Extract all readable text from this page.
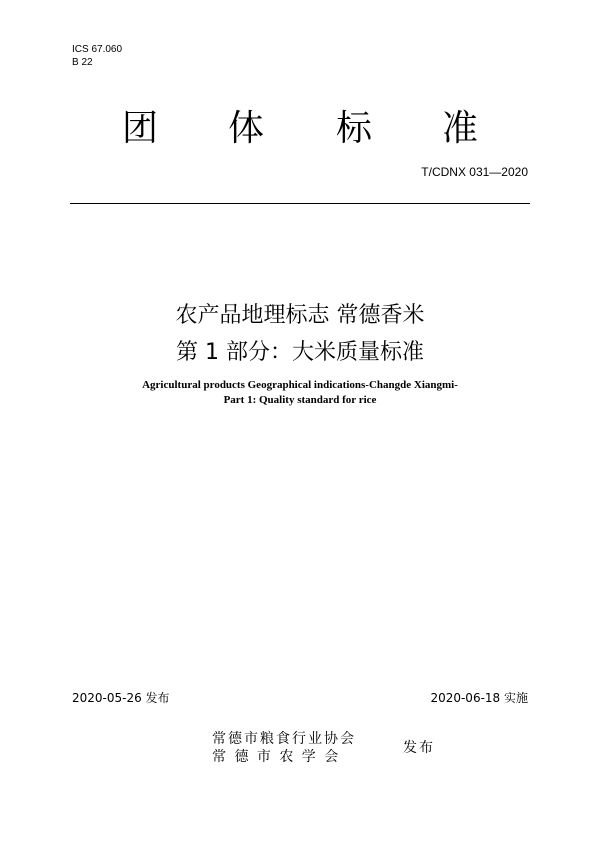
ICS 67.060
B 22
团 体 标 准
T/CDNX 031—2020
农产品地理标志 常德香米
第 1 部分：大米质量标准
Agricultural products Geographical indications-Changde Xiangmi-
Part 1: Quality standard for rice
2020-05-26 发布	2020-06-18 实施
常德市粮食行业协会
常 德 市 农 学 会
发布
